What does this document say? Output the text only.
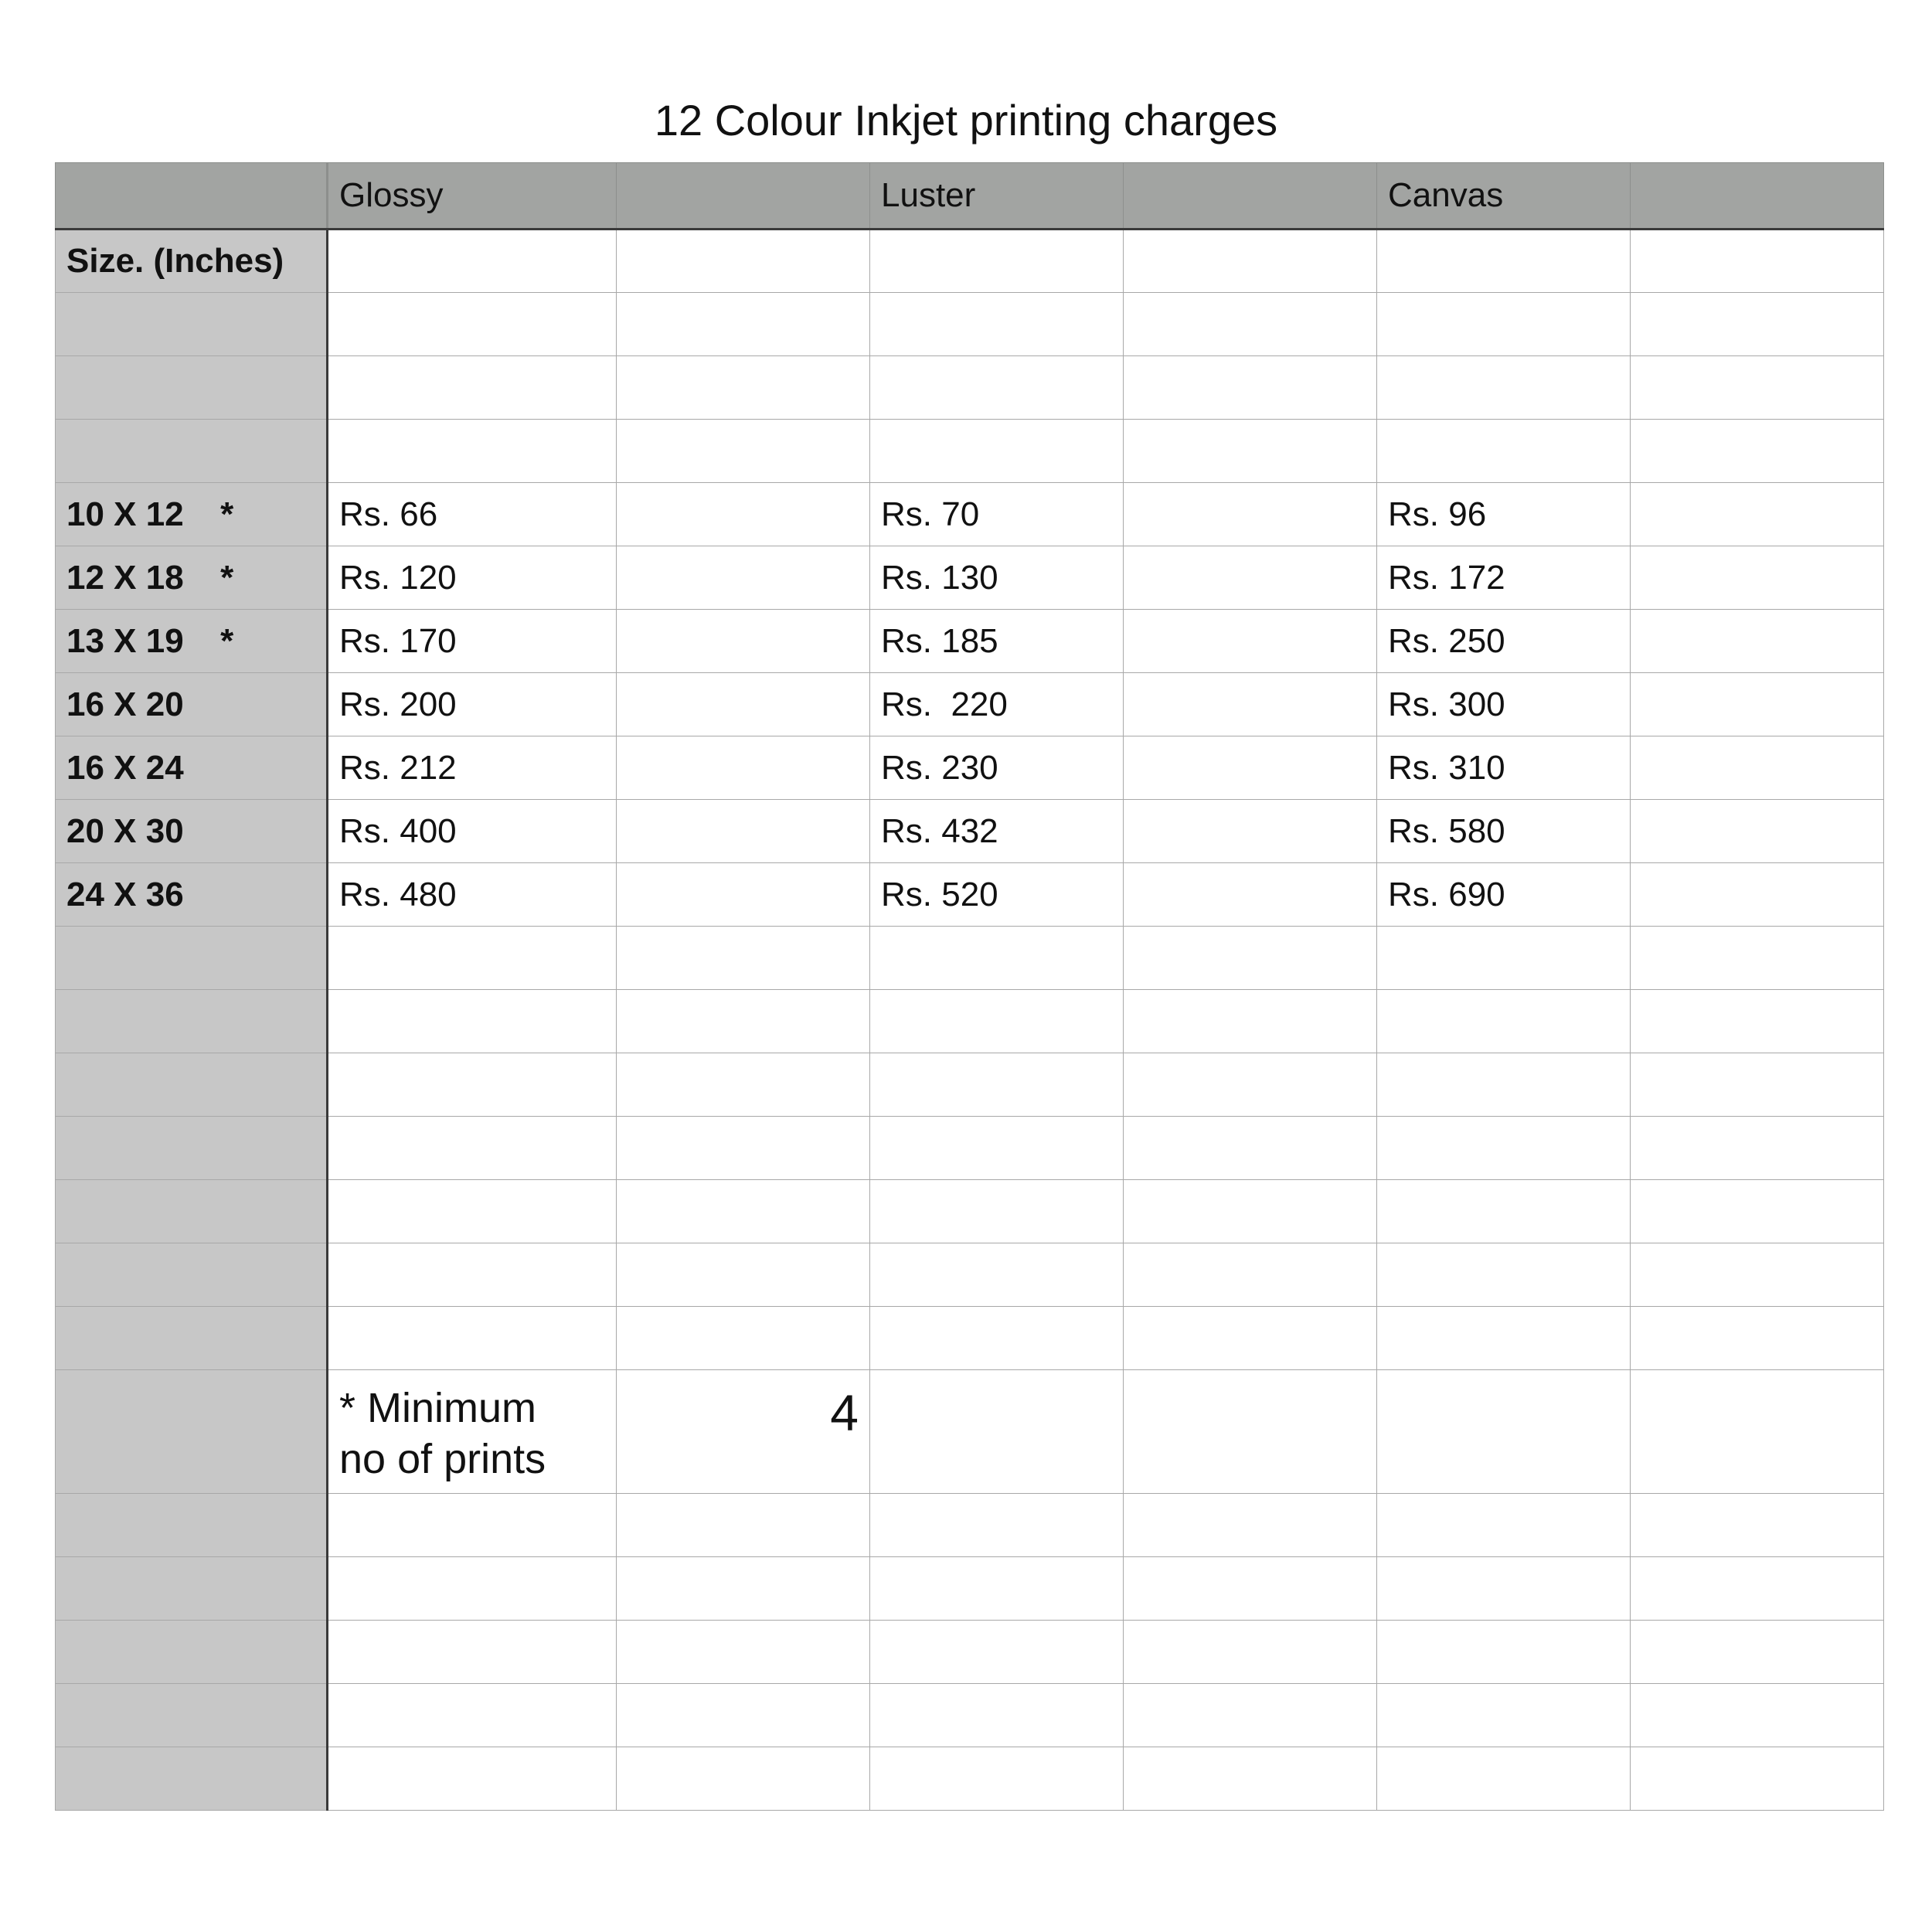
12 Colour Inkjet printing charges
	Glossy		Luster		Canvas	
Size. (Inches)						

10 X 12 *	Rs. 66		Rs. 70		Rs. 96	
12 X 18 *	Rs. 120		Rs. 130		Rs. 172	
13 X 19 *	Rs. 170		Rs. 185		Rs. 250	
16 X 20	Rs. 200		Rs.  220		Rs. 300	
16 X 24	Rs. 212		Rs. 230		Rs. 310	
20 X 30	Rs. 400		Rs. 432		Rs. 580	
24 X 36	Rs. 480		Rs. 520		Rs. 690	

	* Minimum
no of prints	4				
